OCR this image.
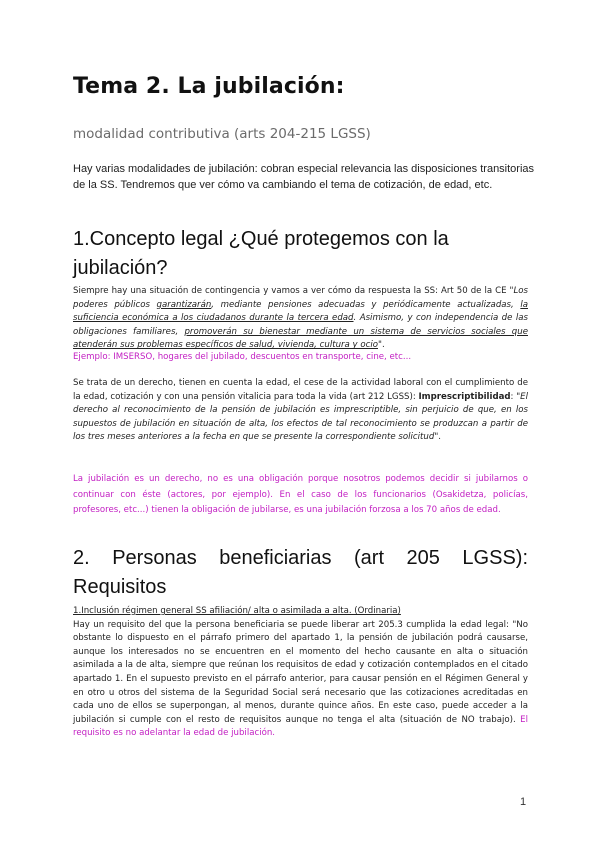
Tema 2. La jubilación:

modalidad contributiva (arts 204-215 LGSS)

Hay varias modalidades de jubilación: cobran especial relevancia las disposiciones transitorias de la SS. Tendremos que ver cómo va cambiando el tema de cotización, de edad, etc.

1.Concepto legal ¿Qué protegemos con la jubilación?

Siempre hay una situación de contingencia y vamos a ver cómo da respuesta la SS: Art 50 de la CE "Los poderes públicos garantizarán, mediante pensiones adecuadas y periódicamente actualizadas, la suficiencia económica a los ciudadanos durante la tercera edad. Asimismo, y con independencia de las obligaciones familiares, promoverán su bienestar mediante un sistema de servicios sociales que atenderán sus problemas específicos de salud, vivienda, cultura y ocio".

Ejemplo: IMSERSO, hogares del jubilado, descuentos en transporte, cine, etc...

Se trata de un derecho, tienen en cuenta la edad, el cese de la actividad laboral con el cumplimiento de la edad, cotización y con una pensión vitalicia para toda la vida (art 212 LGSS): Imprescriptibilidad: "El derecho al reconocimiento de la pensión de jubilación es imprescriptible, sin perjuicio de que, en los supuestos de jubilación en situación de alta, los efectos de tal reconocimiento se produzcan a partir de los tres meses anteriores a la fecha en que se presente la correspondiente solicitud".

La jubilación es un derecho, no es una obligación porque nosotros podemos decidir si jubilarnos o continuar con éste (actores, por ejemplo). En el caso de los funcionarios (Osakidetza, policías, profesores, etc...) tienen la obligación de jubilarse, es una jubilación forzosa a los 70 años de edad.

2. Personas beneficiarias (art 205 LGSS): Requisitos
1.Inclusión régimen general SS afiliación/ alta o asimilada a alta. (Ordinaria)
Hay un requisito del que la persona beneficiaria se puede liberar art 205.3 cumplida la edad legal: "No obstante lo dispuesto en el párrafo primero del apartado 1, la pensión de jubilación podrá causarse, aunque los interesados no se encuentren en el momento del hecho causante en alta o situación asimilada a la de alta, siempre que reúnan los requisitos de edad y cotización contemplados en el citado apartado 1. En el supuesto previsto en el párrafo anterior, para causar pensión en el Régimen General y en otro u otros del sistema de la Seguridad Social será necesario que las cotizaciones acreditadas en cada uno de ellos se superpongan, al menos, durante quince años. En este caso, puede acceder a la jubilación si cumple con el resto de requisitos aunque no tenga el alta (situación de NO trabajo). El requisito es no adelantar la edad de jubilación.

1
